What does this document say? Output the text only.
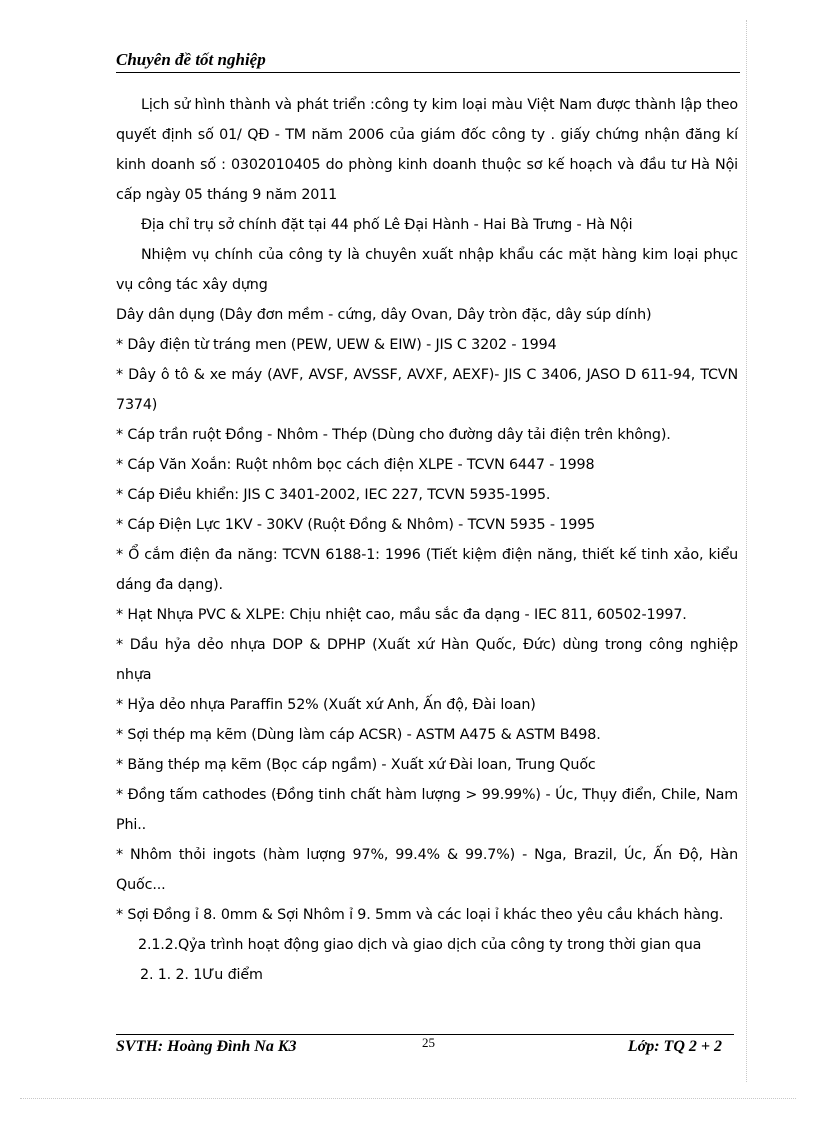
Chuyên đề tốt nghiệp

Lịch sử hình thành và phát triển :công ty kim loại màu Việt Nam được thành lập theo quyết định số 01/ QĐ - TM năm 2006 của giám đốc công ty . giấy chứng nhận đăng kí kinh doanh số : 0302010405 do phòng kinh doanh thuộc sơ kế hoạch và đầu tư Hà Nội cấp ngày 05 tháng 9 năm 2011

Địa chỉ trụ sở chính đặt tại 44 phố Lê Đại Hành - Hai Bà Trưng - Hà Nội

Nhiệm vụ chính của công ty là chuyên xuất nhập khẩu các mặt hàng kim loại phục vụ công tác xây dựng

Dây dân dụng (Dây đơn mềm - cứng, dây Ovan, Dây tròn đặc, dây súp dính)

* Dây điện từ tráng men (PEW, UEW & EIW) - JIS C 3202 - 1994

* Dây ô tô & xe máy (AVF, AVSF, AVSSF, AVXF, AEXF)- JIS C 3406, JASO D 611-94, TCVN 7374)

* Cáp trần ruột Đồng - Nhôm - Thép (Dùng cho đường dây tải điện trên không).

* Cáp Văn Xoắn: Ruột nhôm bọc cách điện XLPE - TCVN 6447 - 1998

* Cáp Điều khiển: JIS C 3401-2002, IEC 227, TCVN 5935-1995.

* Cáp Điện Lực 1KV - 30KV (Ruột Đồng & Nhôm) - TCVN 5935 - 1995

* Ổ cắm điện đa năng: TCVN 6188-1: 1996 (Tiết kiệm điện năng, thiết kế tinh xảo, kiểu dáng đa dạng).

* Hạt Nhựa PVC & XLPE: Chịu nhiệt cao, mầu sắc đa dạng - IEC 811, 60502-1997.

* Dầu hỷa dẻo nhựa DOP & DPHP (Xuất xứ Hàn Quốc, Đức) dùng trong công nghiệp nhựa

* Hỷa dẻo nhựa Paraffin 52% (Xuất xứ Anh, Ấn độ, Đài loan)

* Sợi thép mạ kẽm (Dùng làm cáp ACSR) - ASTM A475 & ASTM B498.

* Băng thép mạ kẽm (Bọc cáp ngầm) - Xuất xứ Đài loan, Trung Quốc

* Đồng tấm cathodes (Đồng tinh chất hàm lượng > 99.99%) - Úc, Thụy điển, Chile, Nam Phi..

* Nhôm thỏi ingots (hàm lượng 97%, 99.4% & 99.7%) - Nga, Brazil, Úc, Ấn Độ, Hàn Quốc...

* Sợi Đồng ỉ 8. 0mm & Sợi Nhôm ỉ 9. 5mm và các loại ỉ khác theo yêu cầu khách hàng.

2.1.2.Qỷa trình hoạt động giao dịch và giao dịch của công ty trong thời gian qua

2. 1. 2. 1Ưu điểm

SVTH: Hoàng Đình Na K3	25	Lớp: TQ 2 + 2
